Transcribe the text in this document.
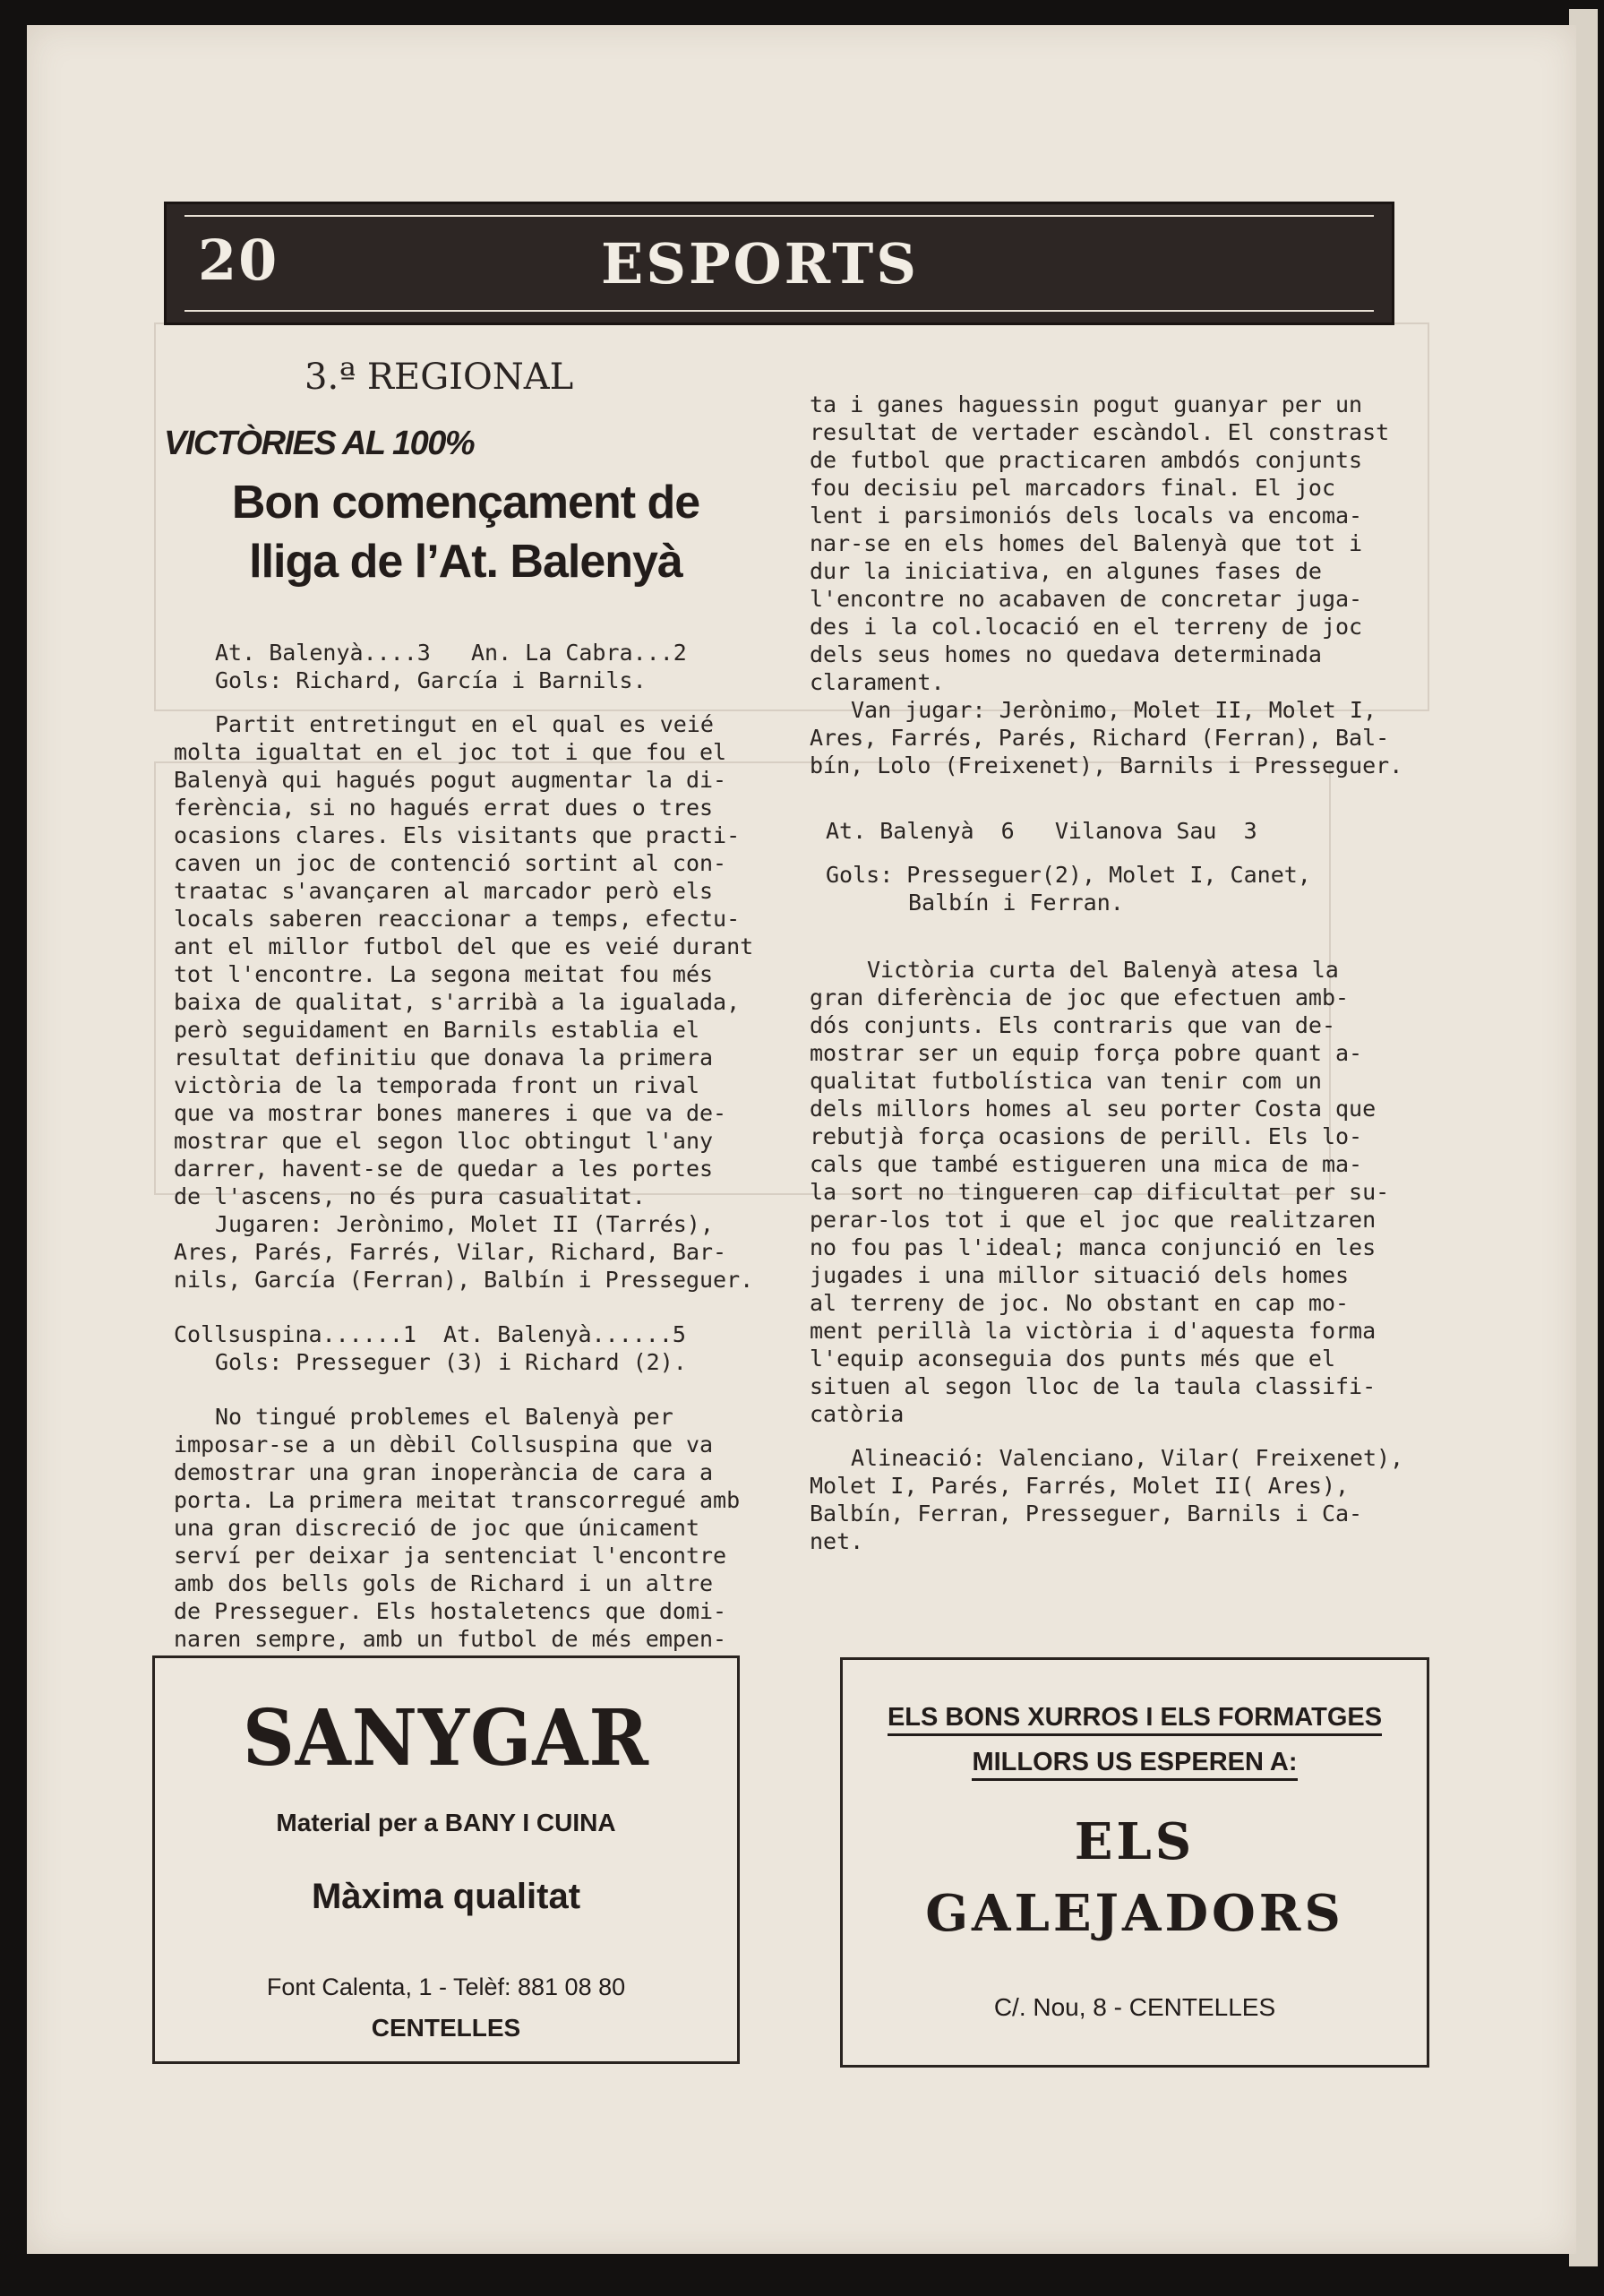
20	ESPORTS
3.ª REGIONAL
VICTÒRIES AL 100%
Bon començament de
lliga de l’At. Balenyà
At. Balenyà....3   An. La Cabra...2
Gols: Richard, García i Barnils.
Partit entretingut en el qual es veié
molta igualtat en el joc tot i que fou el
Balenyà qui hagués pogut augmentar la di-
ferència, si no hagués errat dues o tres
ocasions clares. Els visitants que practi-
caven un joc de contenció sortint al con-
traatac s'avançaren al marcador però els
locals saberen reaccionar a temps, efectu-
ant el millor futbol del que es veié durant
tot l'encontre. La segona meitat fou més
baixa de qualitat, s'arribà a la igualada,
però seguidament en Barnils establia el
resultat definitiu que donava la primera
victòria de la temporada front un rival
que va mostrar bones maneres i que va de-
mostrar que el segon lloc obtingut l'any
darrer, havent-se de quedar a les portes
de l'ascens, no és pura casualitat.
Jugaren: Jerònimo, Molet II (Tarrés),
Ares, Parés, Farrés, Vilar, Richard, Bar-
nils, García (Ferran), Balbín i Presseguer.
Collsuspina......1  At. Balenyà......5
Gols: Presseguer (3) i Richard (2).
No tingué problemes el Balenyà per
imposar-se a un dèbil Collsuspina que va
demostrar una gran inoperància de cara a
porta. La primera meitat transcorregué amb
una gran discreció de joc que únicament
serví per deixar ja sentenciat l'encontre
amb dos bells gols de Richard i un altre
de Presseguer. Els hostaletencs que domi-
naren sempre, amb un futbol de més empen-
ta i ganes haguessin pogut guanyar per un
resultat de vertader escàndol. El constrast
de futbol que practicaren ambdós conjunts
fou decisiu pel marcadors final. El joc
lent i parsimoniós dels locals va encoma-
nar-se en els homes del Balenyà que tot i
dur la iniciativa, en algunes fases de
l'encontre no acabaven de concretar juga-
des i la col.locació en el terreny de joc
dels seus homes no quedava determinada
clarament.
Van jugar: Jerònimo, Molet II, Molet I,
Ares, Farrés, Parés, Richard (Ferran), Bal-
bín, Lolo (Freixenet), Barnils i Presseguer.
At. Balenyà  6   Vilanova Sau  3
Gols: Presseguer(2), Molet I, Canet,
Balbín i Ferran.
Victòria curta del Balenyà atesa la
gran diferència de joc que efectuen amb-
dós conjunts. Els contraris que van de-
mostrar ser un equip força pobre quant a-
qualitat futbolística van tenir com un
dels millors homes al seu porter Costa que
rebutjà força ocasions de perill. Els lo-
cals que també estigueren una mica de ma-
la sort no tingueren cap dificultat per su-
perar-los tot i que el joc que realitzaren
no fou pas l'ideal; manca conjunció en les
jugades i una millor situació dels homes
al terreny de joc. No obstant en cap mo-
ment perillà la victòria i d'aquesta forma
l'equip aconseguia dos punts més que el
situen al segon lloc de la taula classifi-
catòria
Alineació: Valenciano, Vilar( Freixenet),
Molet I, Parés, Farrés, Molet II( Ares),
Balbín, Ferran, Presseguer, Barnils i Ca-
net.
SANYGAR
Material per a BANY I CUINA
Màxima qualitat
Font Calenta, 1 - Telèf: 881 08 80
CENTELLES
ELS BONS XURROS I ELS FORMATGES
MILLORS US ESPEREN A:
ELS
GALEJADORS
C/. Nou, 8 - CENTELLES
